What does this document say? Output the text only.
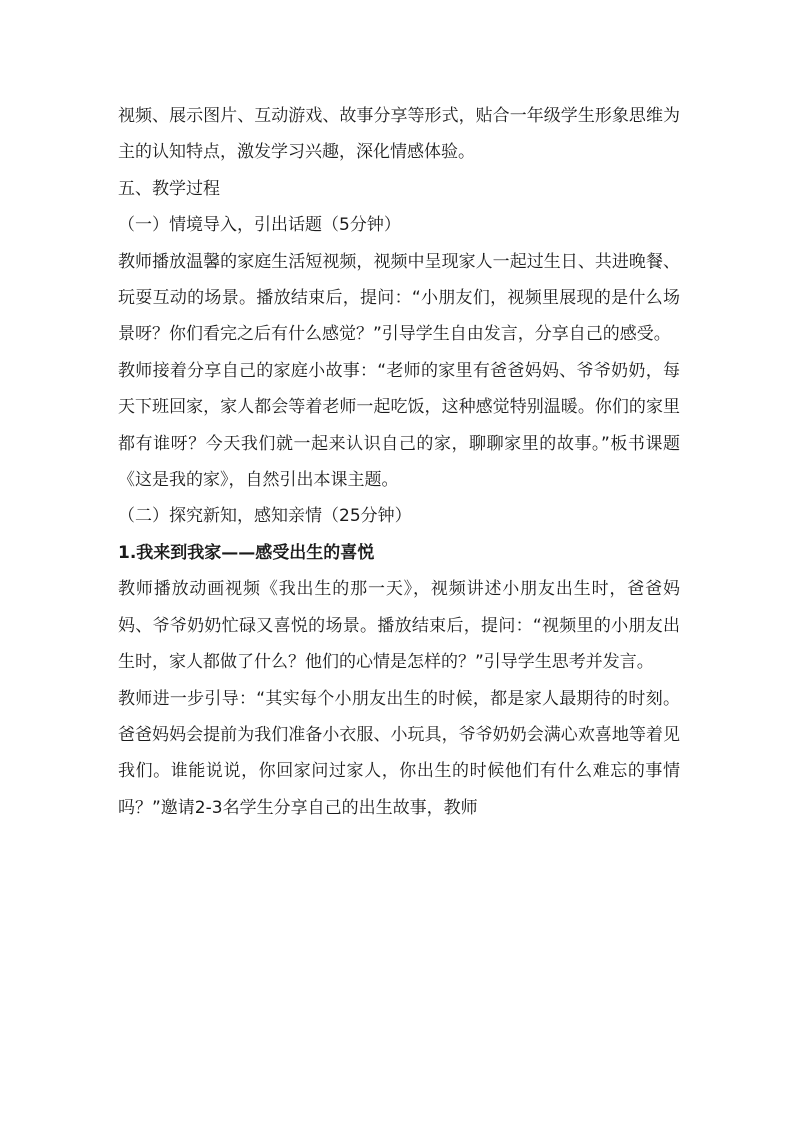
视频、展示图片、互动游戏、故事分享等形式，贴合一年级学生形象思维为主的认知特点，激发学习兴趣，深化情感体验。

五、教学过程

（一）情境导入，引出话题（5分钟）

教师播放温馨的家庭生活短视频，视频中呈现家人一起过生日、共进晚餐、玩耍互动的场景。播放结束后，提问：“小朋友们，视频里展现的是什么场景呀？你们看完之后有什么感觉？”引导学生自由发言，分享自己的感受。

教师接着分享自己的家庭小故事：“老师的家里有爸爸妈妈、爷爷奶奶，每天下班回家，家人都会等着老师一起吃饭，这种感觉特别温暖。你们的家里都有谁呀？今天我们就一起来认识自己的家，聊聊家里的故事。”板书课题《这是我的家》，自然引出本课主题。

（二）探究新知，感知亲情（25分钟）

1.我来到我家——感受出生的喜悦

教师播放动画视频《我出生的那一天》，视频讲述小朋友出生时，爸爸妈妈、爷爷奶奶忙碌又喜悦的场景。播放结束后，提问：“视频里的小朋友出生时，家人都做了什么？他们的心情是怎样的？”引导学生思考并发言。

教师进一步引导：“其实每个小朋友出生的时候，都是家人最期待的时刻。爸爸妈妈会提前为我们准备小衣服、小玩具，爷爷奶奶会满心欢喜地等着见我们。谁能说说，你回家问过家人，你出生的时候他们有什么难忘的事情吗？”邀请2-3名学生分享自己的出生故事，教师
